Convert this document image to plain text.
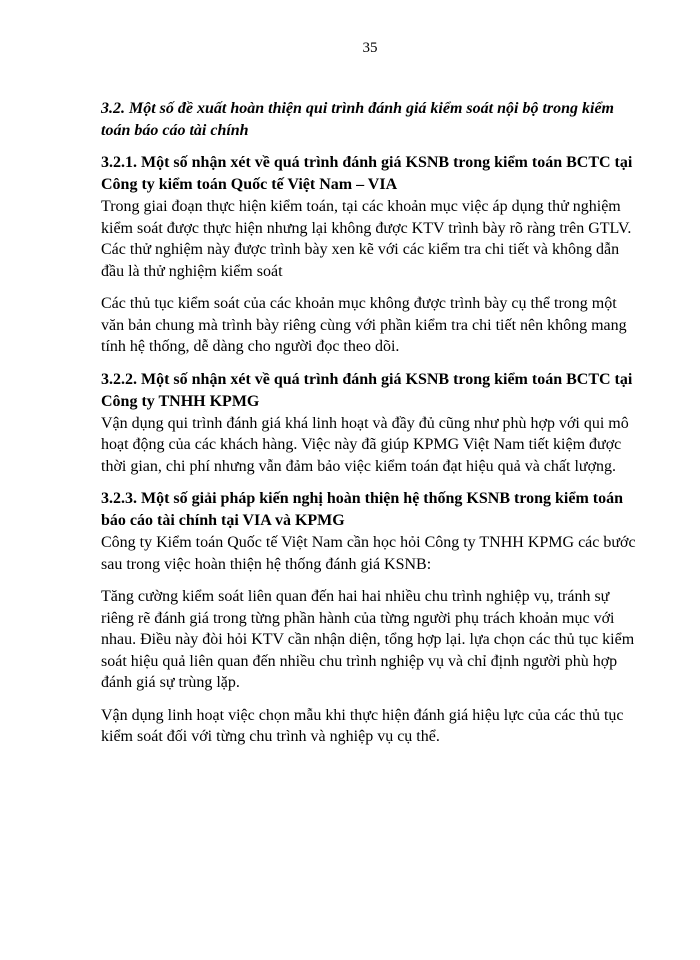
35

3.2. Một số đề xuất hoàn thiện qui trình đánh giá kiểm soát nội bộ trong kiểm toán báo cáo tài chính

3.2.1. Một số nhận xét về quá trình đánh giá KSNB trong kiểm toán BCTC tại Công ty kiểm toán Quốc tế Việt Nam – VIA

Trong giai đoạn thực hiện kiểm toán, tại các khoản mục việc áp dụng thử nghiệm kiểm soát được thực hiện nhưng lại không được KTV trình bày rõ ràng trên GTLV. Các thử nghiệm này được trình bày xen kẽ với các kiểm tra chi tiết và không dẫn đầu là thử nghiệm kiểm soát

Các thủ tục kiểm soát của các khoản mục không được trình bày cụ thể trong một văn bản chung mà trình bày riêng cùng với phần kiểm tra chi tiết nên không mang tính hệ thống, dễ dàng cho người đọc theo dõi.

3.2.2. Một số nhận xét về quá trình đánh giá KSNB trong kiểm toán BCTC tại Công ty TNHH KPMG

Vận dụng qui trình đánh giá khá linh hoạt và đầy đủ cũng như phù hợp với qui mô hoạt động của các khách hàng. Việc này đã giúp KPMG Việt Nam tiết kiệm được thời gian, chi phí nhưng vẫn đảm bảo việc kiểm toán đạt hiệu quả và chất lượng.

3.2.3. Một số giải pháp kiến nghị hoàn thiện hệ thống KSNB trong kiểm toán báo cáo tài chính tại VIA và KPMG

Công ty Kiểm toán Quốc tế Việt Nam cần học hỏi Công ty TNHH KPMG các bước sau trong việc hoàn thiện hệ thống đánh giá KSNB:

Tăng cường kiểm soát liên quan đến hai hai nhiều chu trình nghiệp vụ, tránh sự riêng rẽ đánh giá trong từng phần hành của từng người phụ trách khoản mục với nhau. Điều này đòi hỏi KTV cần nhận diện, tổng hợp lại. lựa chọn các thủ tục kiểm soát hiệu quả liên quan đến nhiều chu trình nghiệp vụ và chỉ định người phù hợp đánh giá sự trùng lặp.

Vận dụng linh hoạt việc chọn mẫu khi thực hiện đánh giá hiệu lực của các thủ tục kiểm soát đối với từng chu trình và nghiệp vụ cụ thể.
